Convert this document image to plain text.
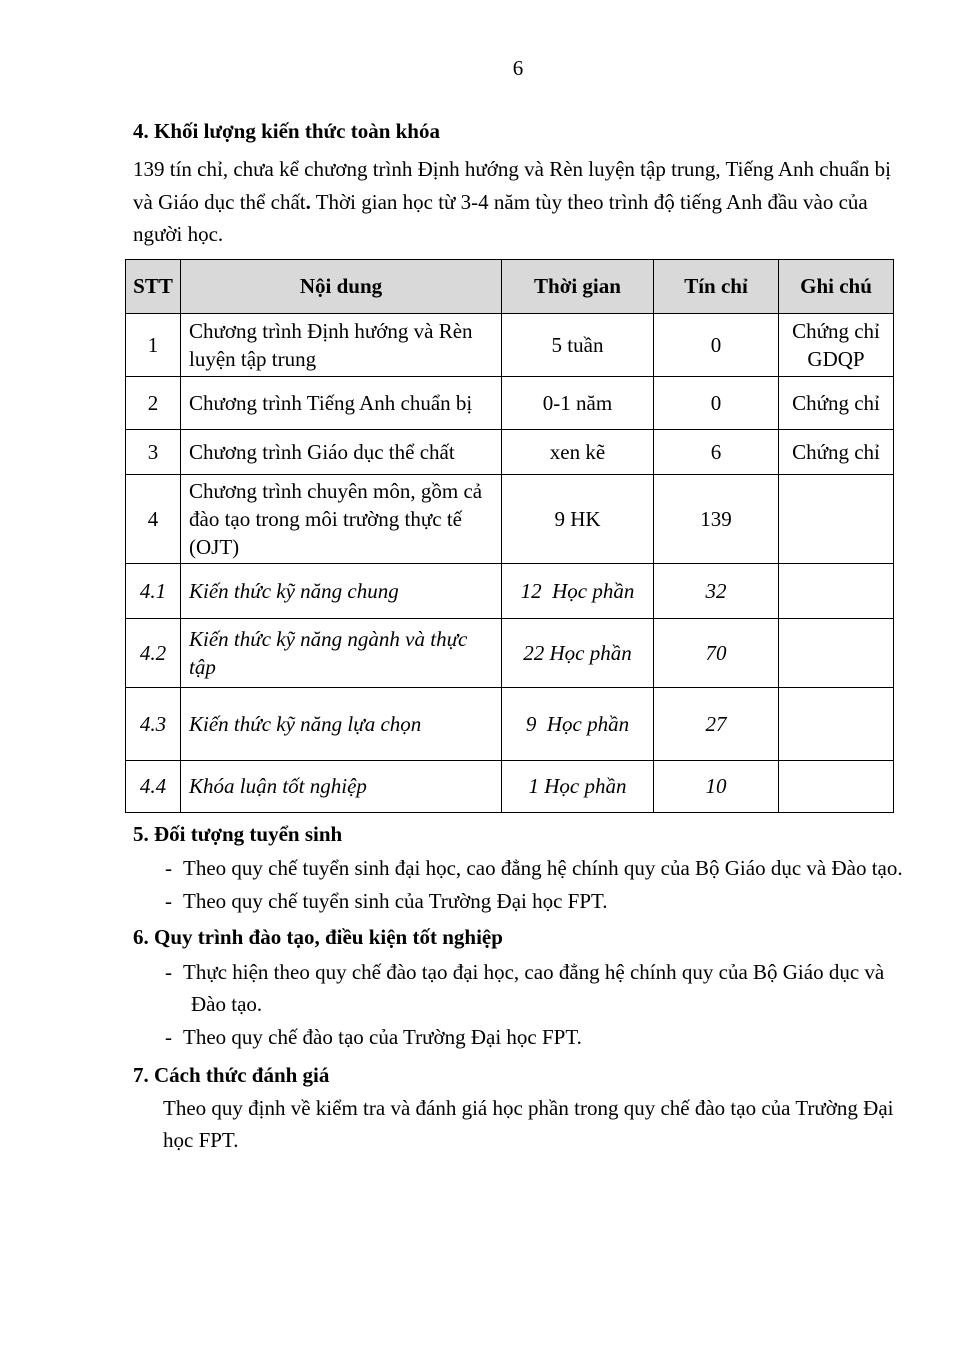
6

4. Khối lượng kiến thức toàn khóa

139 tín chỉ, chưa kể chương trình Định hướng và Rèn luyện tập trung, Tiếng Anh chuẩn bị và Giáo dục thể chất. Thời gian học từ 3-4 năm tùy theo trình độ tiếng Anh đầu vào của người học.

STT	Nội dung	Thời gian	Tín chỉ	Ghi chú
1	Chương trình Định hướng và Rèn luyện tập trung	5 tuần	0	Chứng chỉ GDQP
2	Chương trình Tiếng Anh chuẩn bị	0-1 năm	0	Chứng chỉ
3	Chương trình Giáo dục thể chất	xen kẽ	6	Chứng chỉ
4	Chương trình chuyên môn, gồm cả đào tạo trong môi trường thực tế (OJT)	9 HK	139	
4.1	Kiến thức kỹ năng chung	12  Học phần	32	
4.2	Kiến thức kỹ năng ngành và thực tập	22 Học phần	70	
4.3	Kiến thức kỹ năng lựa chọn	9  Học phần	27	
4.4	Khóa luận tốt nghiệp	1 Học phần	10	

5. Đối tượng tuyển sinh

- Theo quy chế tuyển sinh đại học, cao đẳng hệ chính quy của Bộ Giáo dục và Đào tạo.

- Theo quy chế tuyển sinh của Trường Đại học FPT.

6. Quy trình đào tạo, điều kiện tốt nghiệp

- Thực hiện theo quy chế đào tạo đại học, cao đẳng hệ chính quy của Bộ Giáo dục và Đào tạo.

- Theo quy chế đào tạo của Trường Đại học FPT.

7. Cách thức đánh giá

Theo quy định về kiểm tra và đánh giá học phần trong quy chế đào tạo của Trường Đại học FPT.
